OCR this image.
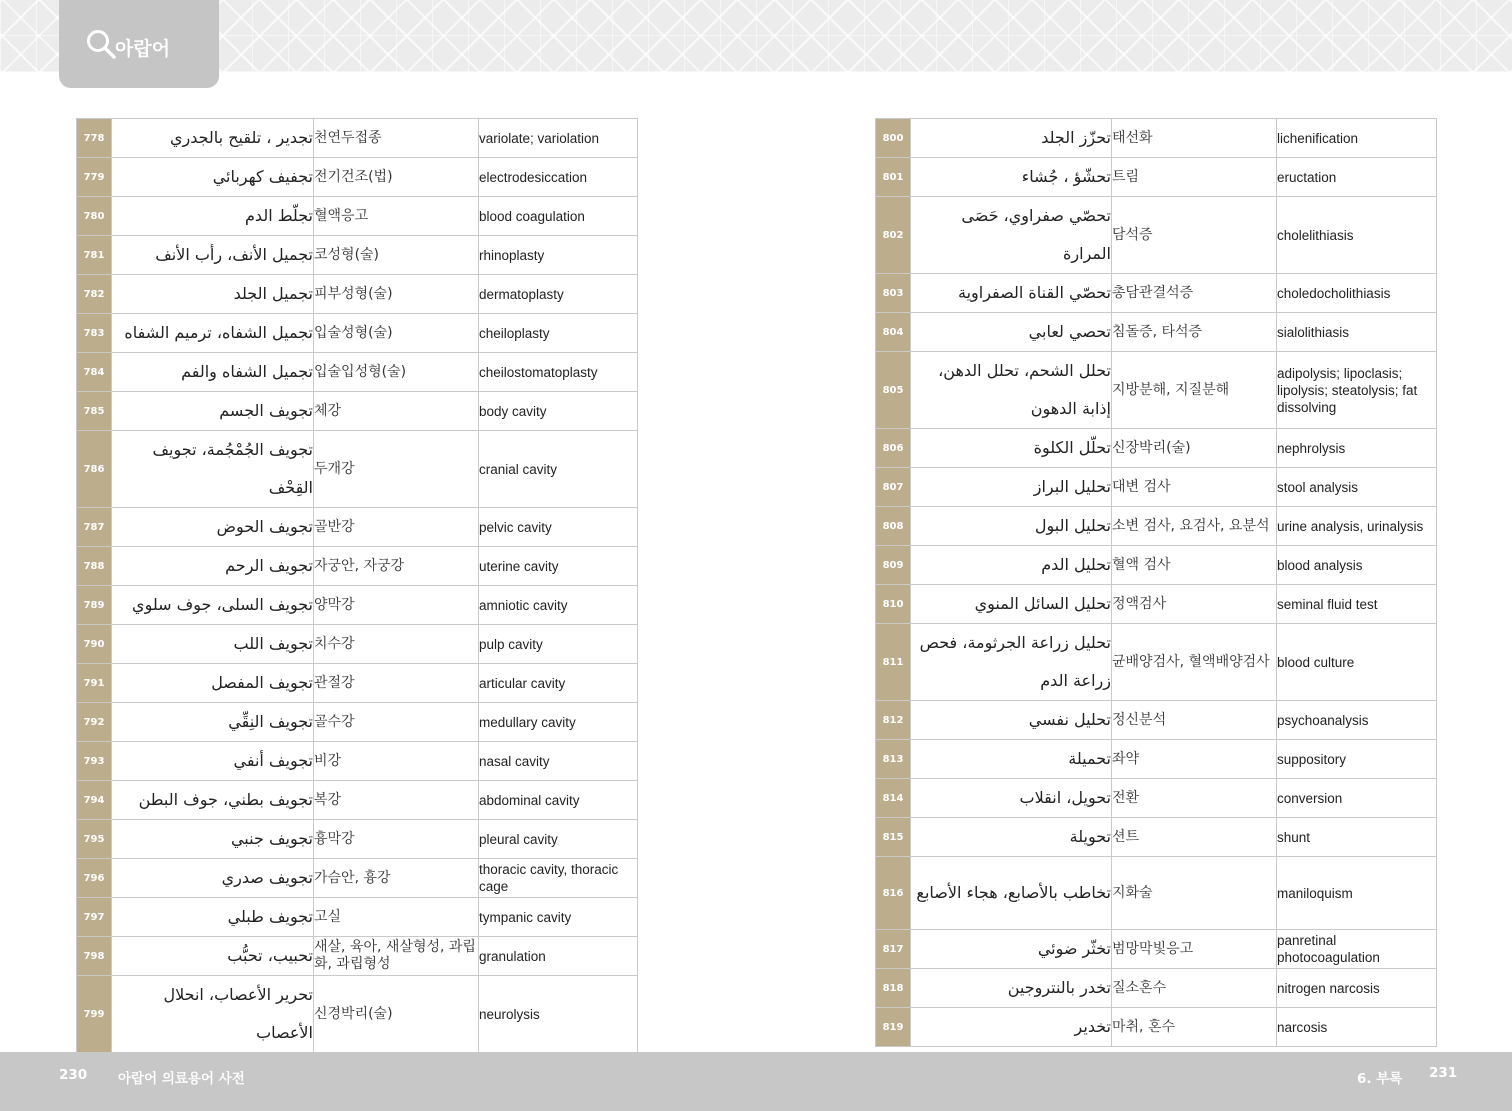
아랍어
778	تجدير ، تلقيح بالجدري	천연두접종	variolate; variolation
779	تجفيف كهربائي	전기건조(법)	electrodesiccation
780	تجلّط الدم	혈액응고	blood coagulation
781	تجميل الأنف، رأب الأنف	코성형(술)	rhinoplasty
782	تجميل الجلد	피부성형(술)	dermatoplasty
783	تجميل الشفاه، ترميم الشفاه	입술성형(술)	cheiloplasty
784	تجميل الشفاه والفم	입술입성형(술)	cheilostomatoplasty
785	تجويف الجسم	체강	body cavity
786	تجويف الجُمْجُمة، تجويف القِحْف	두개강	cranial cavity
787	تجويف الحوض	골반강	pelvic cavity
788	تجويف الرحم	자궁안, 자궁강	uterine cavity
789	تجويف السلى، جوف سلوي	양막강	amniotic cavity
790	تجويف اللب	치수강	pulp cavity
791	تجويف المفصل	관절강	articular cavity
792	تجويف النِقِّي	골수강	medullary cavity
793	تجويف أنفي	비강	nasal cavity
794	تجويف بطني، جوف البطن	복강	abdominal cavity
795	تجويف جنبي	흉막강	pleural cavity
796	تجويف صدري	가슴안, 흉강	thoracic cavity, thoracic cage
797	تجويف طبلي	고실	tympanic cavity
798	تحبيب، تحبُّب	새살, 육아, 새살형성, 과립화, 과립형성	granulation
799	تحرير الأعصاب، انحلال الأعصاب	신경박리(술)	neurolysis
800	تحزّز الجلد	태선화	lichenification
801	تحشّؤ ، جُشاء	트림	eructation
802	تحصّي صفراوي، حَصَى المرارة	담석증	cholelithiasis
803	تحصّي القناة الصفراوية	총담관결석증	choledocholithiasis
804	تحصي لعابي	침돌증, 타석증	sialolithiasis
805	تحلل الشحم، تحلل الدهن، إذابة الدهون	지방분해, 지질분해	adipolysis; lipoclasis; lipolysis; steatolysis; fat dissolving
806	تحلّل الكلوة	신장박리(술)	nephrolysis
807	تحليل البراز	대변 검사	stool analysis
808	تحليل البول	소변 검사, 요검사, 요분석	urine analysis, urinalysis
809	تحليل الدم	혈액 검사	blood analysis
810	تحليل السائل المنوي	정액검사	seminal fluid test
811	تحليل زراعة الجرثومة، فحص زراعة الدم	균배양검사, 혈액배양검사	blood culture
812	تحليل نفسي	정신분석	psychoanalysis
813	تحميلة	좌약	suppository
814	تحويل، انقلاب	전환	conversion
815	تحويلة	션트	shunt
816	تخاطب بالأصابع، هجاء الأصابع	지화술	maniloquism
817	تخثّر ضوئي	범망막빛응고	panretinal photocoagulation
818	تخدر بالنتروجين	질소혼수	nitrogen narcosis
819	تخدير	마취, 혼수	narcosis
230 아랍어 의료용어 사전	6. 부록 231
